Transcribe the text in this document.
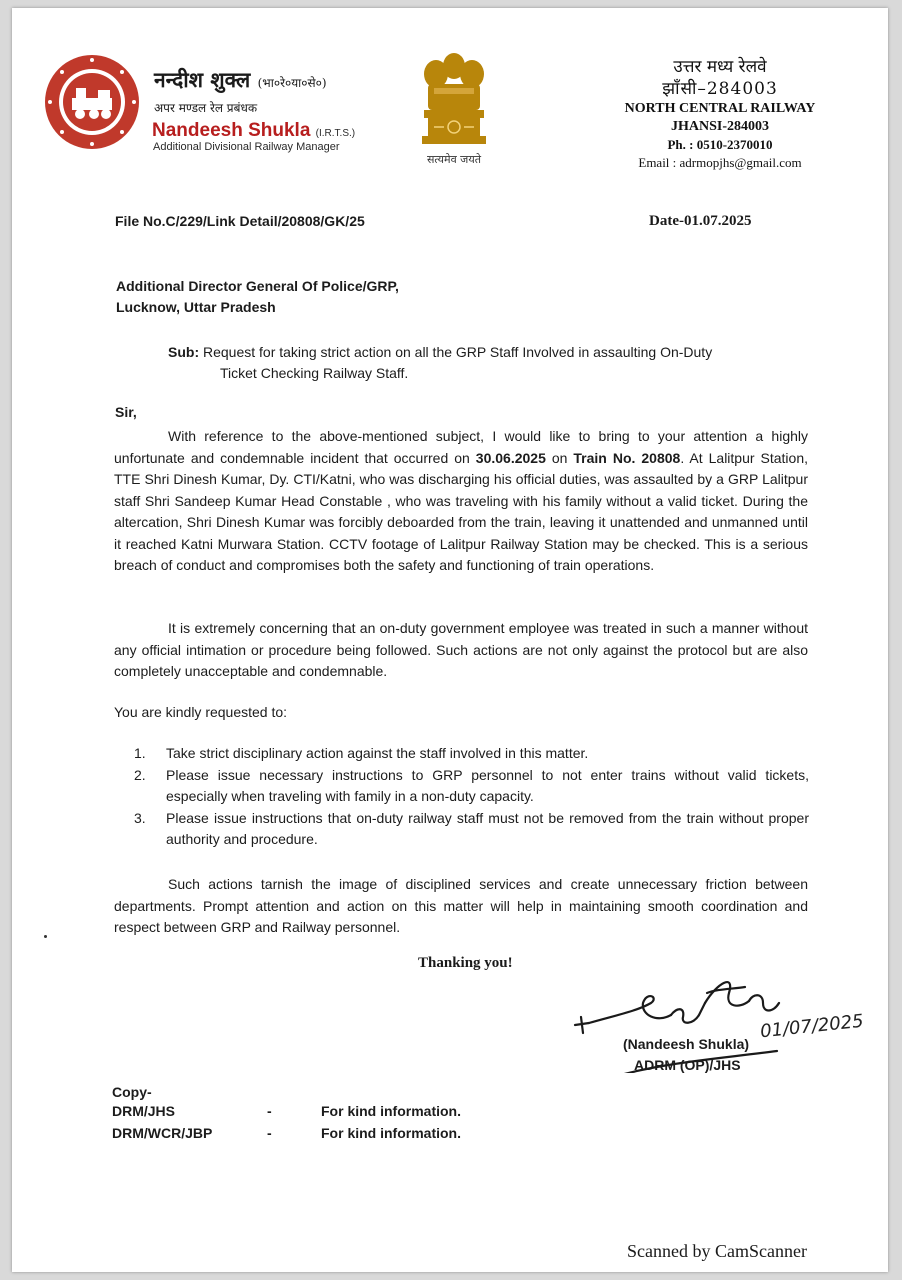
नन्दीश शुक्ल (भा०रे०या०से०)
अपर मण्डल रेल प्रबंधक
Nandeesh Shukla (I.R.T.S.)
Additional Divisional Railway Manager
सत्यमेव जयते
उत्तर मध्य रेलवे
झाँसी–284003
NORTH CENTRAL RAILWAY
JHANSI-284003
Ph. : 0510-2370010
Email : adrmopjhs@gmail.com
File No.C/229/Link Detail/20808/GK/25	Date-01.07.2025
Additional Director General Of Police/GRP,
Lucknow, Uttar Pradesh
Sub: Request for taking strict action on all the GRP Staff Involved in assaulting On-Duty
Ticket Checking Railway Staff.
Sir,
With reference to the above-mentioned subject, I would like to bring to your attention a highly unfortunate and condemnable incident that occurred on 30.06.2025 on Train No. 20808. At Lalitpur Station, TTE Shri Dinesh Kumar, Dy. CTI/Katni, who was discharging his official duties, was assaulted by a GRP Lalitpur staff Shri Sandeep Kumar Head Constable , who was traveling with his family without a valid ticket. During the altercation, Shri Dinesh Kumar was forcibly deboarded from the train, leaving it unattended and unmanned until it reached Katni Murwara Station. CCTV footage of Lalitpur Railway Station may be checked. This is a serious breach of conduct and compromises both the safety and functioning of train operations.
It is extremely concerning that an on-duty government employee was treated in such a manner without any official intimation or procedure being followed. Such actions are not only against the protocol but are also completely unacceptable and condemnable.
You are kindly requested to:
1. Take strict disciplinary action against the staff involved in this matter.
2. Please issue necessary instructions to GRP personnel to not enter trains without valid tickets, especially when traveling with family in a non-duty capacity.
3. Please issue instructions that on-duty railway staff must not be removed from the train without proper authority and procedure.
Such actions tarnish the image of disciplined services and create unnecessary friction between departments. Prompt attention and action on this matter will help in maintaining smooth coordination and respect between GRP and Railway personnel.
Thanking you!
01/07/2025
(Nandeesh Shukla)
ADRM (OP)/JHS
Copy-
DRM/JHS	-	For kind information.
DRM/WCR/JBP	-	For kind information.
Scanned by CamScanner
